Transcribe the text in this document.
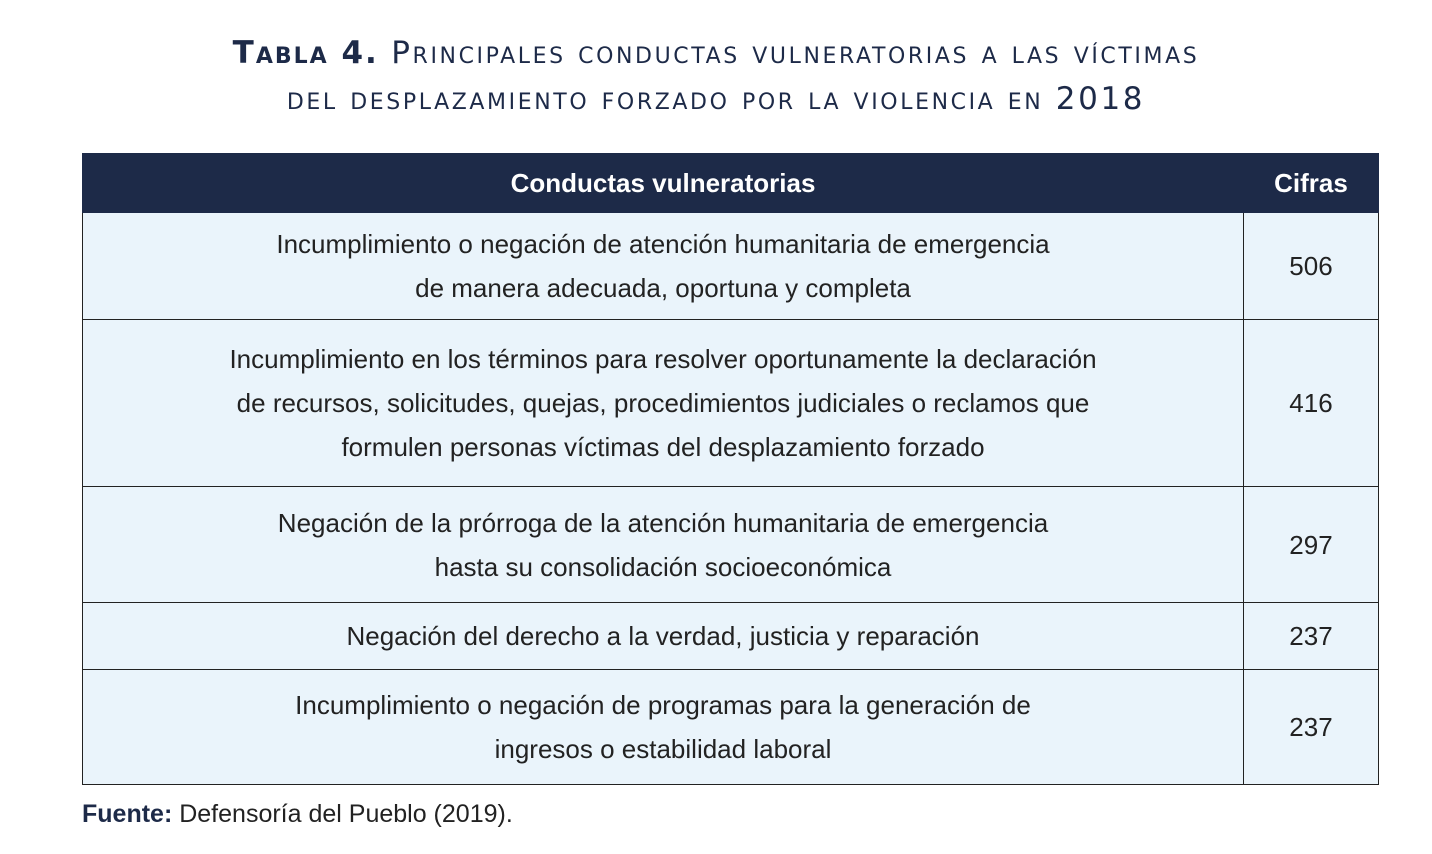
Tabla 4. Principales conductas vulneratorias a las víctimas
del desplazamiento forzado por la violencia en 2018
Conductas vulneratorias	Cifras

Incumplimiento o negación de atención humanitaria de emergencia
de manera adecuada, oportuna y completa	506

Incumplimiento en los términos para resolver oportunamente la declaración
de recursos, solicitudes, quejas, procedimientos judiciales o reclamos que
formulen personas víctimas del desplazamiento forzado	416

Negación de la prórroga de la atención humanitaria de emergencia
hasta su consolidación socioeconómica	297

Negación del derecho a la verdad, justicia y reparación	237

Incumplimiento o negación de programas para la generación de
ingresos o estabilidad laboral	237
Fuente: Defensoría del Pueblo (2019).
